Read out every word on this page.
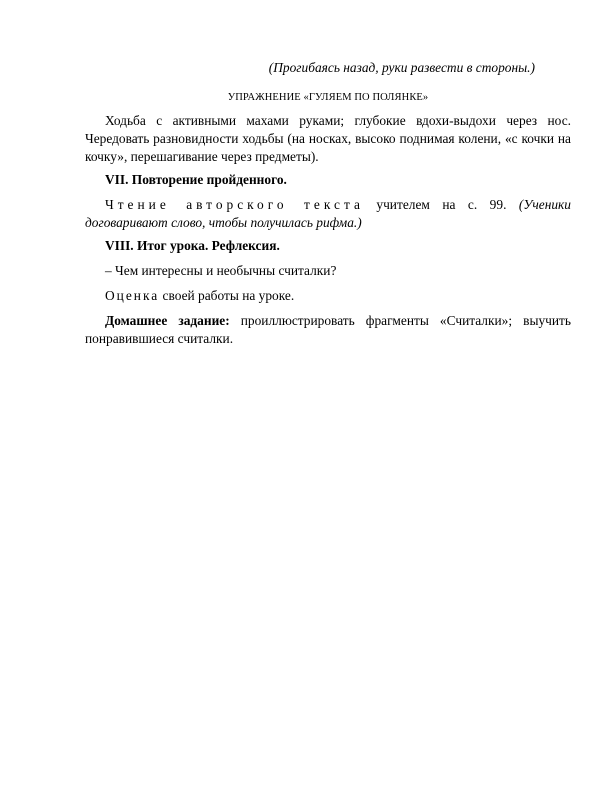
(Прогибаясь назад, руки развести в стороны.)

УПРАЖНЕНИЕ «ГУЛЯЕМ ПО ПОЛЯНКЕ»

Ходьба с активными махами руками; глубокие вдохи-выдохи через нос. Чередовать разновидности ходьбы (на носках, высоко поднимая колени, «с кочки на кочку», перешагивание через предметы).

VII. Повторение пройденного.

Чтение авторского текста учителем на с. 99. (Ученики договаривают слово, чтобы получилась рифма.)

VIII. Итог урока. Рефлексия.

– Чем интересны и необычны считалки?

Оценка своей работы на уроке.

Домашнее задание: проиллюстрировать фрагменты «Считалки»; выучить понравившиеся считалки.
